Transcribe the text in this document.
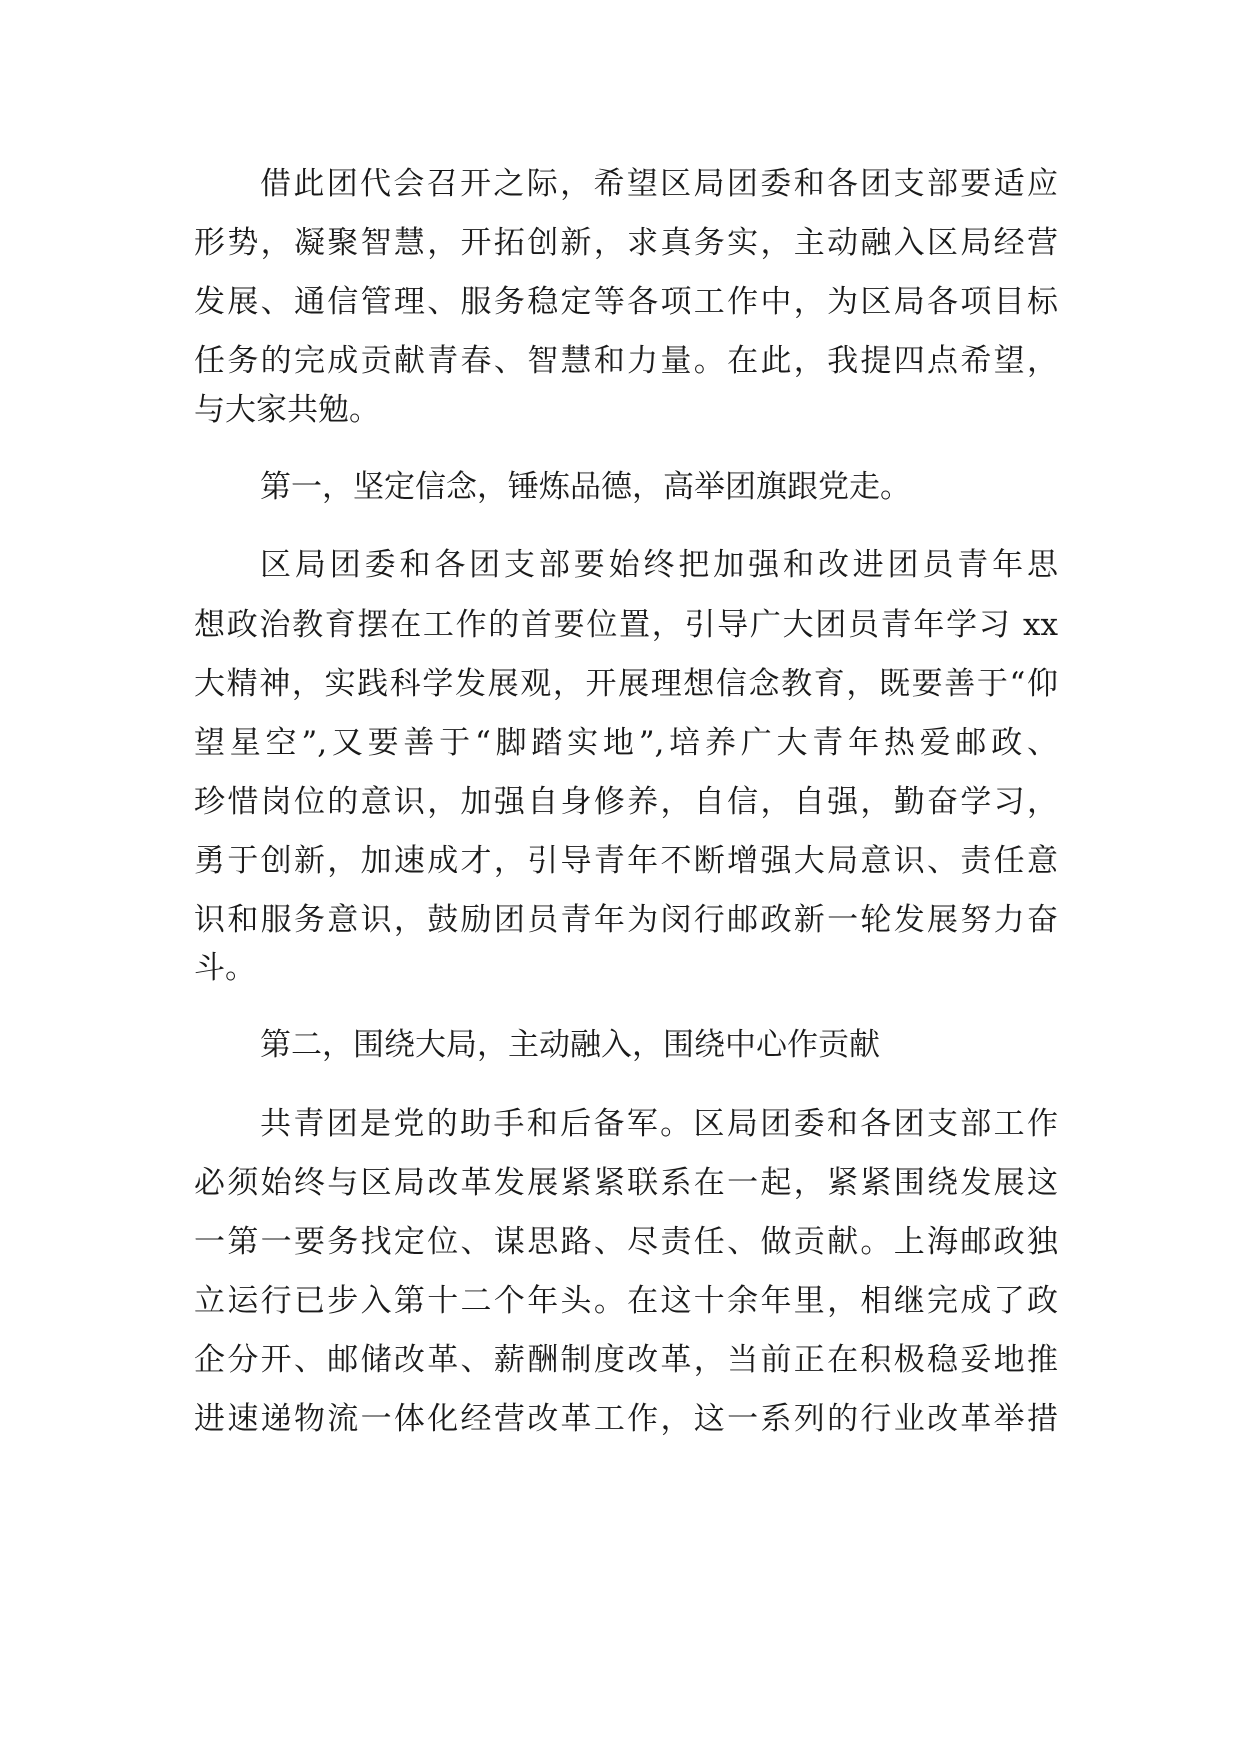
借此团代会召开之际，希望区局团委和各团支部要适应
形势，凝聚智慧，开拓创新，求真务实，主动融入区局经营
发展、通信管理、服务稳定等各项工作中，为区局各项目标
任务的完成贡献青春、智慧和力量。在此，我提四点希望，
与大家共勉。
第一，坚定信念，锤炼品德，高举团旗跟党走。
区局团委和各团支部要始终把加强和改进团员青年思
想政治教育摆在工作的首要位置，引导广大团员青年学习 xx
大精神，实践科学发展观，开展理想信念教育，既要善于“仰
望星空”,又要善于“脚踏实地”,培养广大青年热爱邮政、
珍惜岗位的意识，加强自身修养，自信，自强，勤奋学习，
勇于创新，加速成才，引导青年不断增强大局意识、责任意
识和服务意识，鼓励团员青年为闵行邮政新一轮发展努力奋
斗。
第二，围绕大局，主动融入，围绕中心作贡献
共青团是党的助手和后备军。区局团委和各团支部工作
必须始终与区局改革发展紧紧联系在一起，紧紧围绕发展这
一第一要务找定位、谋思路、尽责任、做贡献。上海邮政独
立运行已步入第十二个年头。在这十余年里，相继完成了政
企分开、邮储改革、薪酬制度改革，当前正在积极稳妥地推
进速递物流一体化经营改革工作，这一系列的行业改革举措
